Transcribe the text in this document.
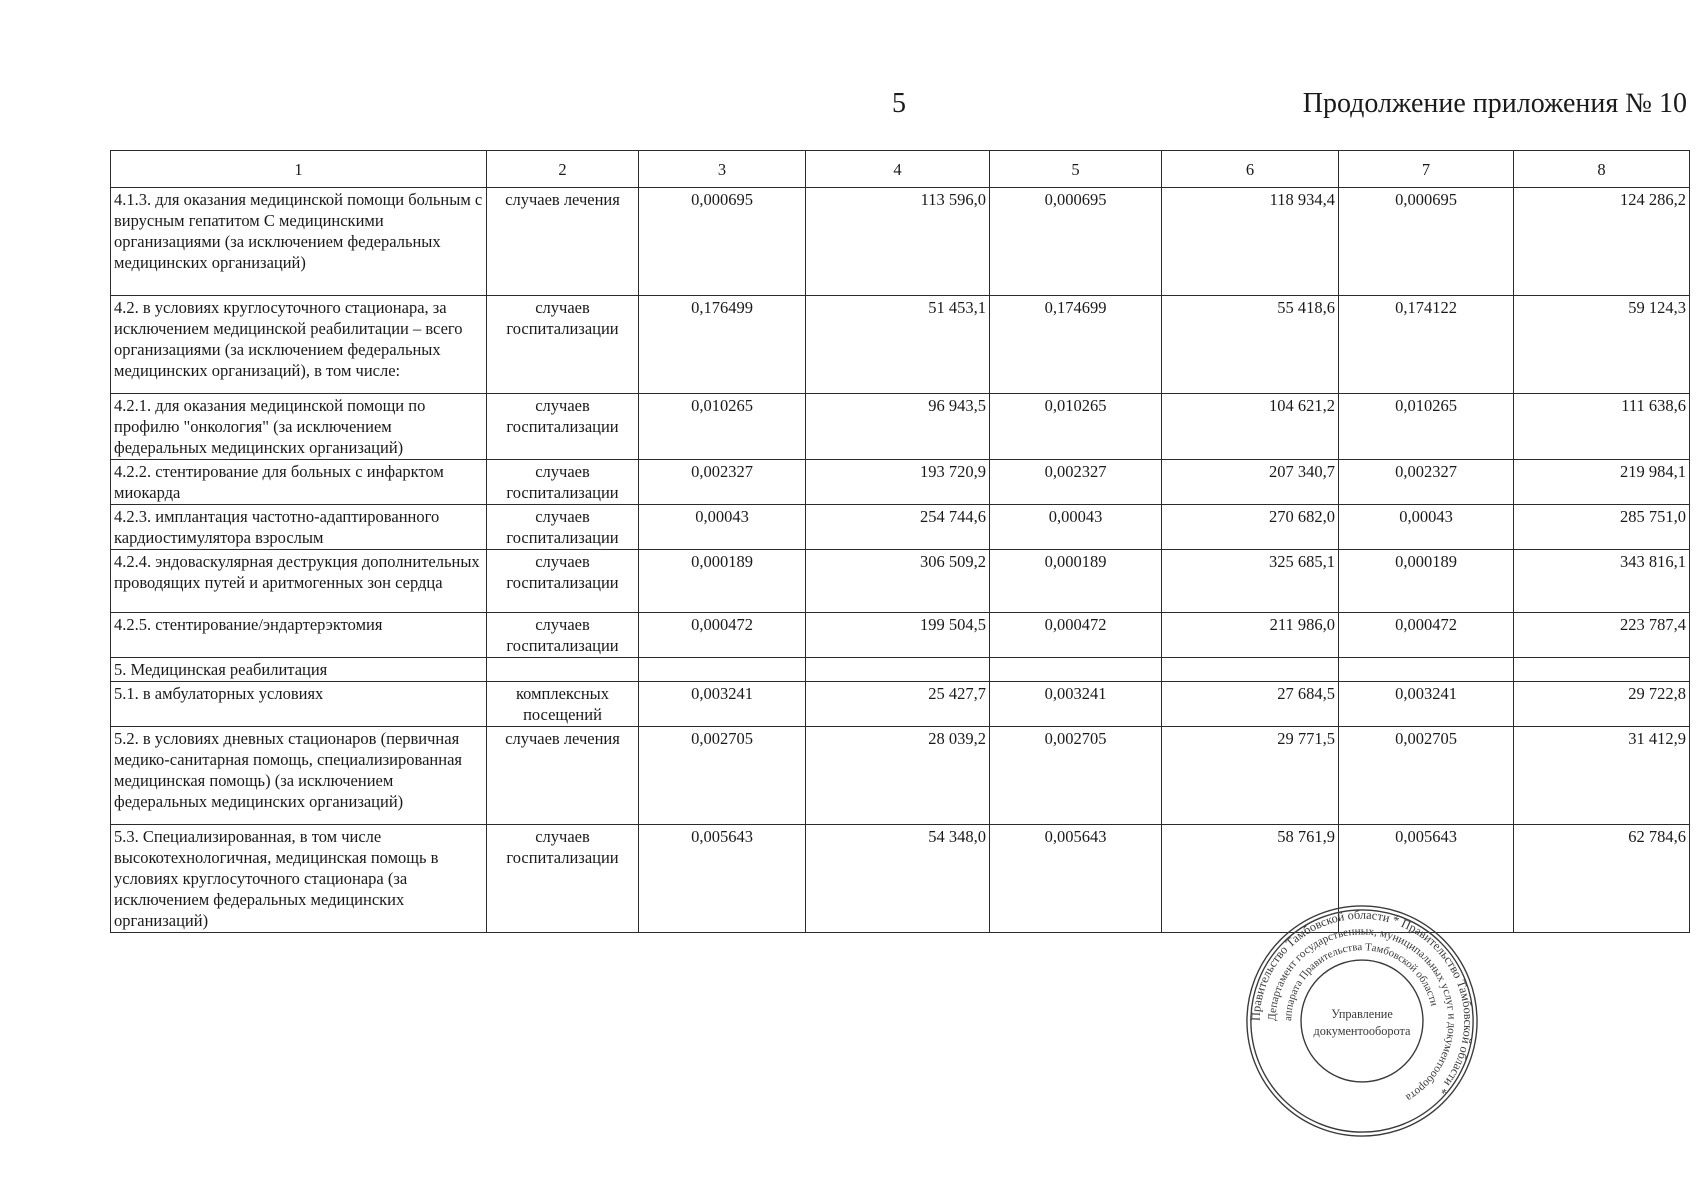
5	Продолжение приложения № 10
1	2	3	4	5	6	7	8
4.1.3. для оказания медицинской помощи больным с вирусным гепатитом С медицинскими организациями (за исключением федеральных медицинских организаций)	случаев лечения	0,000695	113 596,0	0,000695	118 934,4	0,000695	124 286,2
4.2. в условиях круглосуточного стационара, за исключением медицинской реабилитации – всего организациями (за исключением федеральных медицинских организаций), в том числе:	случаев госпитализации	0,176499	51 453,1	0,174699	55 418,6	0,174122	59 124,3
4.2.1. для оказания медицинской помощи по профилю "онкология" (за исключением федеральных медицинских организаций)	случаев госпитализации	0,010265	96 943,5	0,010265	104 621,2	0,010265	111 638,6
4.2.2. стентирование для больных с инфарктом миокарда	случаев госпитализации	0,002327	193 720,9	0,002327	207 340,7	0,002327	219 984,1
4.2.3. имплантация частотно-адаптированного кардиостимулятора взрослым	случаев госпитализации	0,00043	254 744,6	0,00043	270 682,0	0,00043	285 751,0
4.2.4. эндоваскулярная деструкция дополнительных проводящих путей и аритмогенных зон сердца	случаев госпитализации	0,000189	306 509,2	0,000189	325 685,1	0,000189	343 816,1
4.2.5. стентирование/эндартерэктомия	случаев госпитализации	0,000472	199 504,5	0,000472	211 986,0	0,000472	223 787,4
5. Медицинская реабилитация							
5.1. в амбулаторных условиях	комплексных посещений	0,003241	25 427,7	0,003241	27 684,5	0,003241	29 722,8
5.2. в условиях дневных стационаров (первичная медико-санитарная помощь, специализированная медицинская помощь) (за исключением федеральных медицинских организаций)	случаев лечения	0,002705	28 039,2	0,002705	29 771,5	0,002705	31 412,9
5.3. Специализированная, в том числе высокотехнологичная, медицинская помощь в условиях круглосуточного стационара (за исключением федеральных медицинских организаций)	случаев госпитализации	0,005643	54 348,0	0,005643	58 761,9	0,005643	62 784,6
Правительство Тамбовской области * Правительство Тамбовской области *
Департамент государственных, муниципальных услуг и документооборота
аппарата Правительства Тамбовской области
Управление
документооборота
